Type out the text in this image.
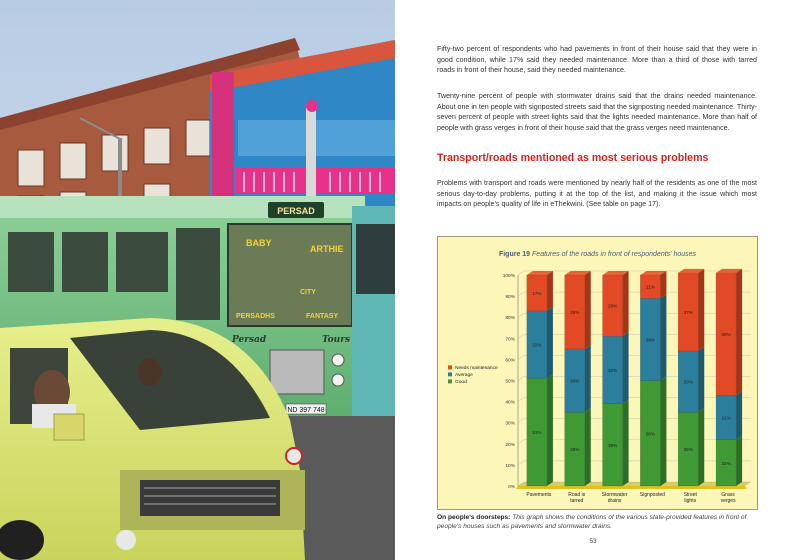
PERSAD
BABY
ARTHIE
CITY
PERSADHS	FANTASY
Persad	Tours
ND 397 748

Fifty-two percent of respondents who had pavements in front of their house said that they were in good condition, while 17% said they needed maintenance. More than a third of those with tarred roads in front of their house, said they needed maintenance.

Twenty-nine percent of people with stormwater drains said that the drains needed maintenance. About one in ten people with signposted streets said that the signposting needed maintenance. Thirty-seven percent of people with street lights said that the lights needed maintenance. More than half of people with grass verges in front of their house said that the grass verges need maintenance.

Transport/roads mentioned as most serious problems

Problems with transport and roads were mentioned by nearly half of the residents as one of the most serious day-to-day problems, putting it at the top of the list, and making it the issue which most impacts on people's quality of life in eThekwini. (See table on page 17).

Figure 19 Features of the roads in front of respondents' houses
0%
10%
20%
30%
40%
50%
60%
70%
80%
90%
100%
51%
32%
17%
Pavements
35%
30%
35%
Road is
tarred
39%
32%
29%
Stormwater
drains
50%
39%
11%
Signposted
35%
29%
37%
Street
lights
22%
21%
58%
Grass
verges
Needs maintenance
Average
Good

On people's doorsteps: This graph shows the conditions of the various state-provided features in front of people's houses such as pavements and stormwater drains.

53
